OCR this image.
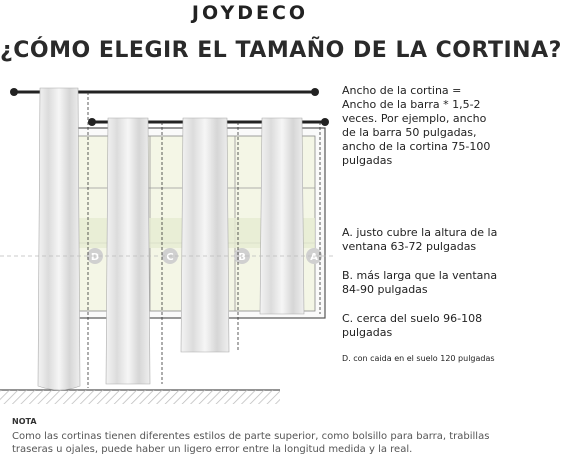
JOYDECO
¿CÓMO ELEGIR EL TAMAÑO DE LA CORTINA?
D	C	B	A
Ancho de la cortina = Ancho de la barra * 1,5-2 veces. Por ejemplo, ancho de la barra 50 pulgadas, ancho de la cortina 75-100 pulgadas
A. justo cubre la altura de la ventana 63-72 pulgadas
B. más larga que la ventana 84-90 pulgadas
C. cerca del suelo 96-108 pulgadas
D. con caida en el suelo 120 pulgadas
NOTA
Como las cortinas tienen diferentes estilos de parte superior, como bolsillo para barra, trabillas traseras u ojales, puede haber un ligero error entre la longitud medida y la real.
